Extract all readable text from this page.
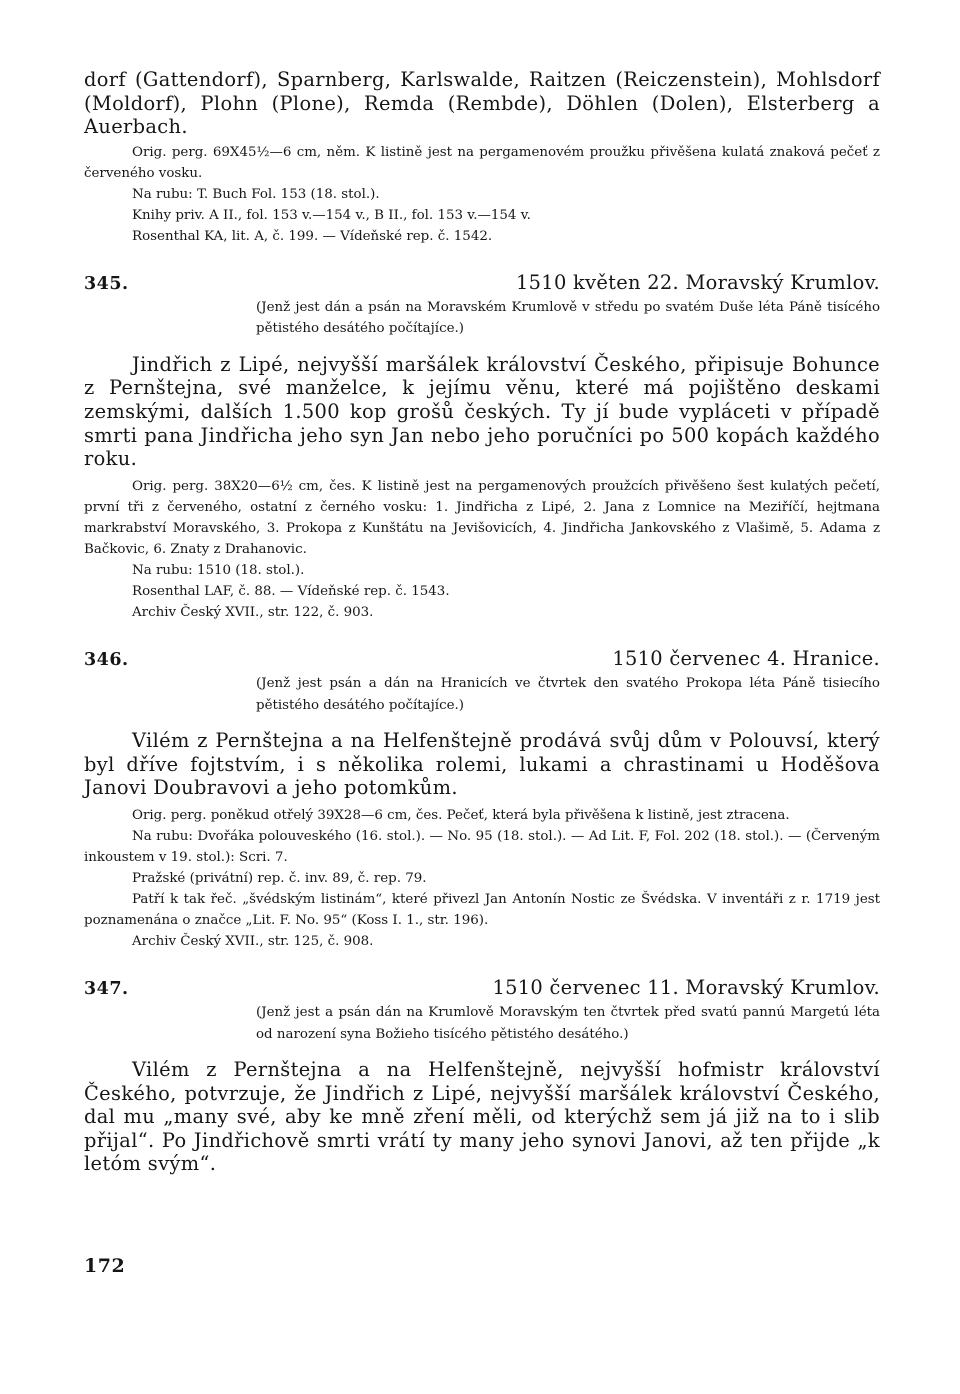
dorf (Gattendorf), Sparnberg, Karlswalde, Raitzen (Reiczenstein), Mohlsdorf (Moldorf), Plohn (Plone), Remda (Rembde), Döhlen (Dolen), Elsterberg a Auerbach.

Orig. perg. 69X45½—6 cm, něm. K listině jest na pergamenovém proužku přivěšena kulatá znaková pečeť z červeného vosku.

Na rubu: T. Buch Fol. 153 (18. stol.).

Knihy priv. A II., fol. 153 v.—154 v., B II., fol. 153 v.—154 v.

Rosenthal KA, lit. A, č. 199. — Vídeňské rep. č. 1542.

345.	1510 květen 22. Moravský Krumlov.

(Jenž jest dán a psán na Moravském Krumlově v středu po svatém Duše léta Páně tisícého pětistého desátého počítajíce.)

Jindřich z Lipé, nejvyšší maršálek království Českého, připisuje Bohunce z Pernštejna, své manželce, k jejímu věnu, které má pojištěno deskami zemskými, dalších 1.500 kop grošů českých. Ty jí bude vypláceti v případě smrti pana Jindřicha jeho syn Jan nebo jeho poručníci po 500 kopách každého roku.

Orig. perg. 38X20—6½ cm, čes. K listině jest na pergamenových proužcích přivěšeno šest kulatých pečetí, první tři z červeného, ostatní z černého vosku: 1. Jindřicha z Lipé, 2. Jana z Lomnice na Meziříčí, hejtmana markrabství Moravského, 3. Prokopa z Kunštátu na Jevišovicích, 4. Jindřicha Jankovského z Vlašimě, 5. Adama z Bačkovic, 6. Znaty z Drahanovic.

Na rubu: 1510 (18. stol.).

Rosenthal LAF, č. 88. — Vídeňské rep. č. 1543.

Archiv Český XVII., str. 122, č. 903.

346.	1510 červenec 4. Hranice.

(Jenž jest psán a dán na Hranicích ve čtvrtek den svatého Prokopa léta Páně tisiecího pětistého desátého počítajíce.)

Vilém z Pernštejna a na Helfenštejně prodává svůj dům v Polouvsí, který byl dříve fojtstvím, i s několika rolemi, lukami a chrastinami u Hoděšova Janovi Doubravovi a jeho potomkům.

Orig. perg. poněkud otřelý 39X28—6 cm, čes. Pečeť, která byla přivěšena k listině, jest ztracena.

Na rubu: Dvořáka polouveského (16. stol.). — No. 95 (18. stol.). — Ad Lit. F, Fol. 202 (18. stol.). — (Červeným inkoustem v 19. stol.): Scri. 7.

Pražské (privátní) rep. č. inv. 89, č. rep. 79.

Patří k tak řeč. „švédským listinám“, které přivezl Jan Antonín Nostic ze Švédska. V inventáři z r. 1719 jest poznamenána o značce „Lit. F. No. 95“ (Koss I. 1., str. 196).

Archiv Český XVII., str. 125, č. 908.

347.	1510 červenec 11. Moravský Krumlov.

(Jenž jest a psán dán na Krumlově Moravským ten čtvrtek před svatú pannú Margetú léta od narození syna Božieho tisícého pětistého desátého.)

Vilém z Pernštejna a na Helfenštejně, nejvyšší hofmistr království Českého, potvrzuje, že Jindřich z Lipé, nejvyšší maršálek království Českého, dal mu „many své, aby ke mně zření měli, od kterýchž sem já již na to i slib přijal“. Po Jindřichově smrti vrátí ty many jeho synovi Janovi, až ten přijde „k letóm svým“.

172
